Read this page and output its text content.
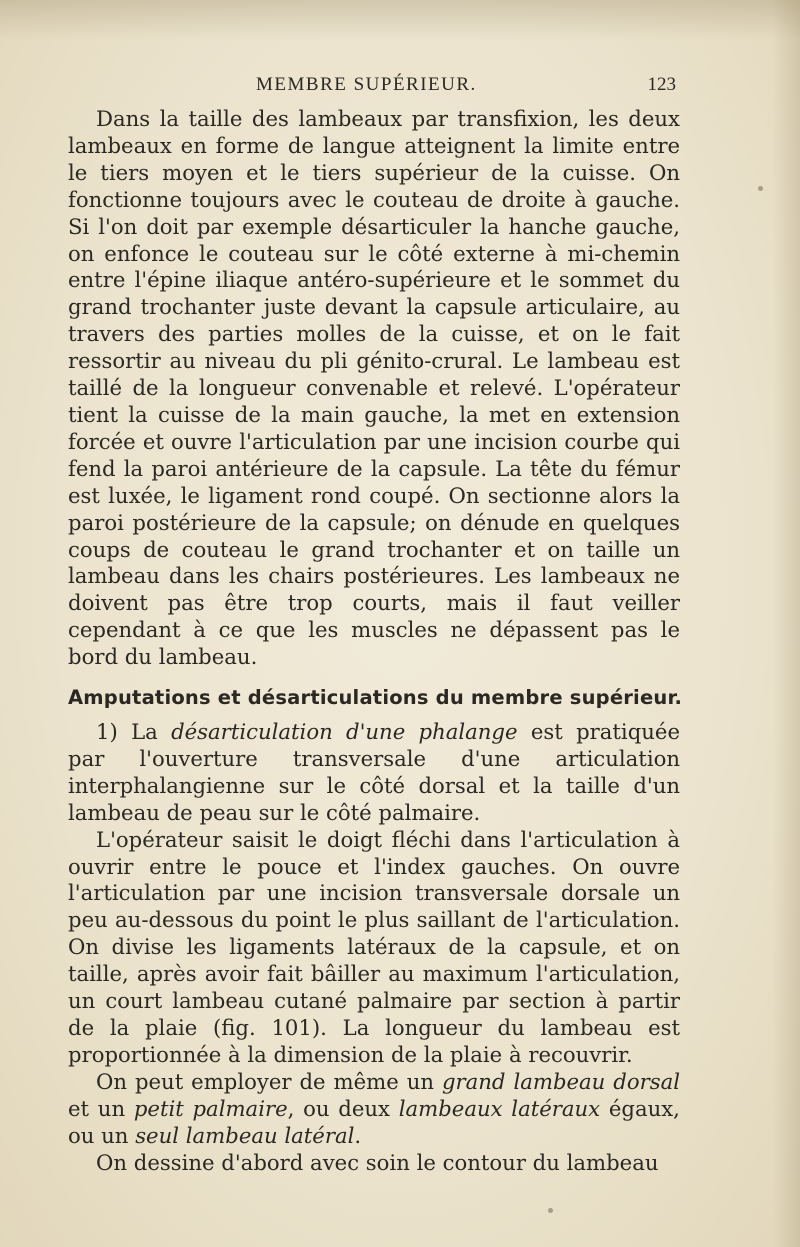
MEMBRE SUPÉRIEUR.	123

Dans la taille des lambeaux par transfixion, les deux lambeaux en forme de langue atteignent la limite entre le tiers moyen et le tiers supérieur de la cuisse. On fonctionne toujours avec le couteau de droite à gauche. Si l'on doit par exemple désarticuler la hanche gauche, on enfonce le couteau sur le côté externe à mi-chemin entre l'épine iliaque antéro-supérieure et le sommet du grand trochanter juste devant la capsule articulaire, au travers des parties molles de la cuisse, et on le fait ressortir au niveau du pli génito-crural. Le lambeau est taillé de la longueur convenable et relevé. L'opérateur tient la cuisse de la main gauche, la met en extension forcée et ouvre l'articulation par une incision courbe qui fend la paroi antérieure de la capsule. La tête du fémur est luxée, le ligament rond coupé. On sectionne alors la paroi postérieure de la capsule; on dénude en quelques coups de couteau le grand trochanter et on taille un lambeau dans les chairs postérieures. Les lambeaux ne doivent pas être trop courts, mais il faut veiller cependant à ce que les muscles ne dépassent pas le bord du lambeau.

Amputations et désarticulations du membre supérieur.

1) La désarticulation d'une phalange est pratiquée par l'ouverture transversale d'une articulation interphalangienne sur le côté dorsal et la taille d'un lambeau de peau sur le côté palmaire.

L'opérateur saisit le doigt fléchi dans l'articulation à ouvrir entre le pouce et l'index gauches. On ouvre l'articulation par une incision transversale dorsale un peu au-dessous du point le plus saillant de l'articulation. On divise les ligaments latéraux de la capsule, et on taille, après avoir fait bâiller au maximum l'articulation, un court lambeau cutané palmaire par section à partir de la plaie (fig. 101). La longueur du lambeau est proportionnée à la dimension de la plaie à recouvrir.

On peut employer de même un grand lambeau dorsal et un petit palmaire, ou deux lambeaux latéraux égaux, ou un seul lambeau latéral.

On dessine d'abord avec soin le contour du lambeau
